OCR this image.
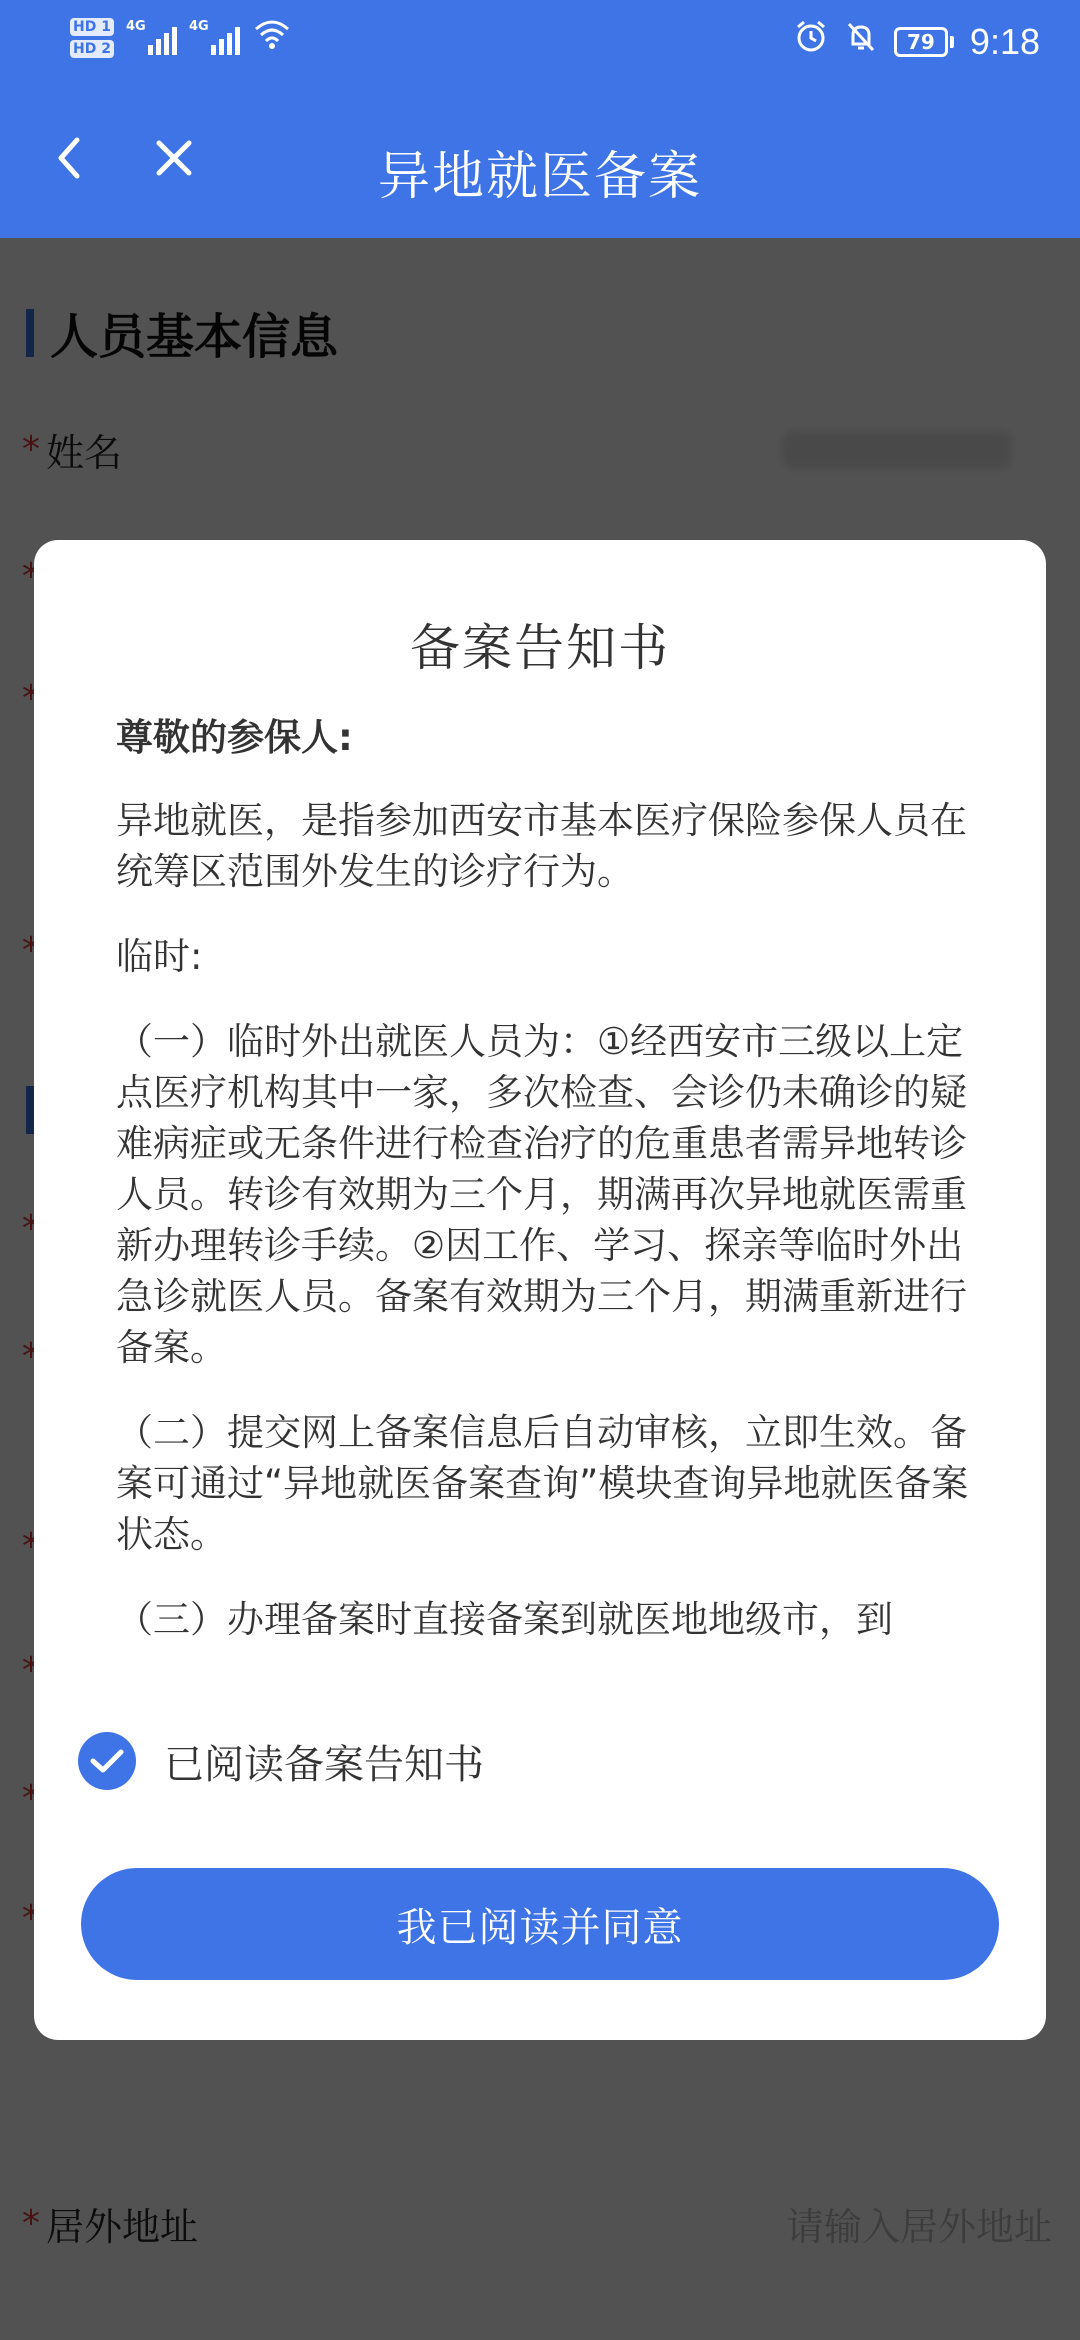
HD 1
HD 2
4G	4G
79 9:18
异地就医备案
备案告知书

尊敬的参保人:

异地就医，是指参加西安市基本医疗保险参保人员在统筹区范围外发生的诊疗行为。

临时:

（一）临时外出就医人员为：①经西安市三级以上定点医疗机构其中一家，多次检查、会诊仍未确诊的疑难病症或无条件进行检查治疗的危重患者需异地转诊人员。转诊有效期为三个月，期满再次异地就医需重新办理转诊手续。②因工作、学习、探亲等临时外出急诊就医人员。备案有效期为三个月，期满重新进行备案。

（二）提交网上备案信息后自动审核，立即生效。备案可通过“异地就医备案查询”模块查询异地就医备案状态。

（三）办理备案时直接备案到就医地地级市，到

已阅读备案告知书
我已阅读并同意
